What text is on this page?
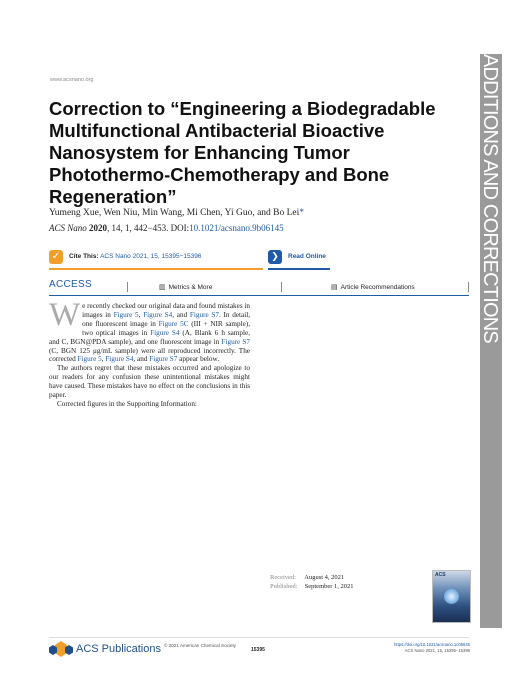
www.acsnano.org	ADDITIONS AND CORRECTIONS
Correction to “Engineering a Biodegradable Multifunctional Antibacterial Bioactive Nanosystem for Enhancing Tumor Photothermo-Chemotherapy and Bone Regeneration”
Yumeng Xue, Wen Niu, Min Wang, Mi Chen, Yi Guo, and Bo Lei*
ACS Nano 2020, 14, 1, 442−453. DOI:10.1021/acsnano.9b06145
✓	Cite This: ACS Nano 2021, 15, 15395−15396	❯	Read Online
ACCESS	▥ Metrics & More	▤ Article Recommendations

We recently checked our original data and found mistakes in images in Figure 5, Figure S4, and Figure S7. In detail, one fluorescent image in Figure 5C (III + NIR sample), two optical images in Figure S4 (A, Blank 6 h sample, and C, BGN@PDA sample), and one fluorescent image in Figure S7 (C, BGN 125 μg/mL sample) were all reproduced incorrectly. The corrected Figure 5, Figure S4, and Figure S7 appear below.

The authors regret that these mistakes occurred and apologize to our readers for any confusion these unintentional mistakes might have caused. These mistakes have no effect on the conclusions in this paper.

Corrected figures in the Supporting Information:

Received: August 4, 2021
Published: September 1, 2021
ACS
ACS Publications © 2021 American Chemical Society
15395
https://doi.org/10.1021/acsnano.1c06645
ACS Nano 2021, 15, 15395−15396
